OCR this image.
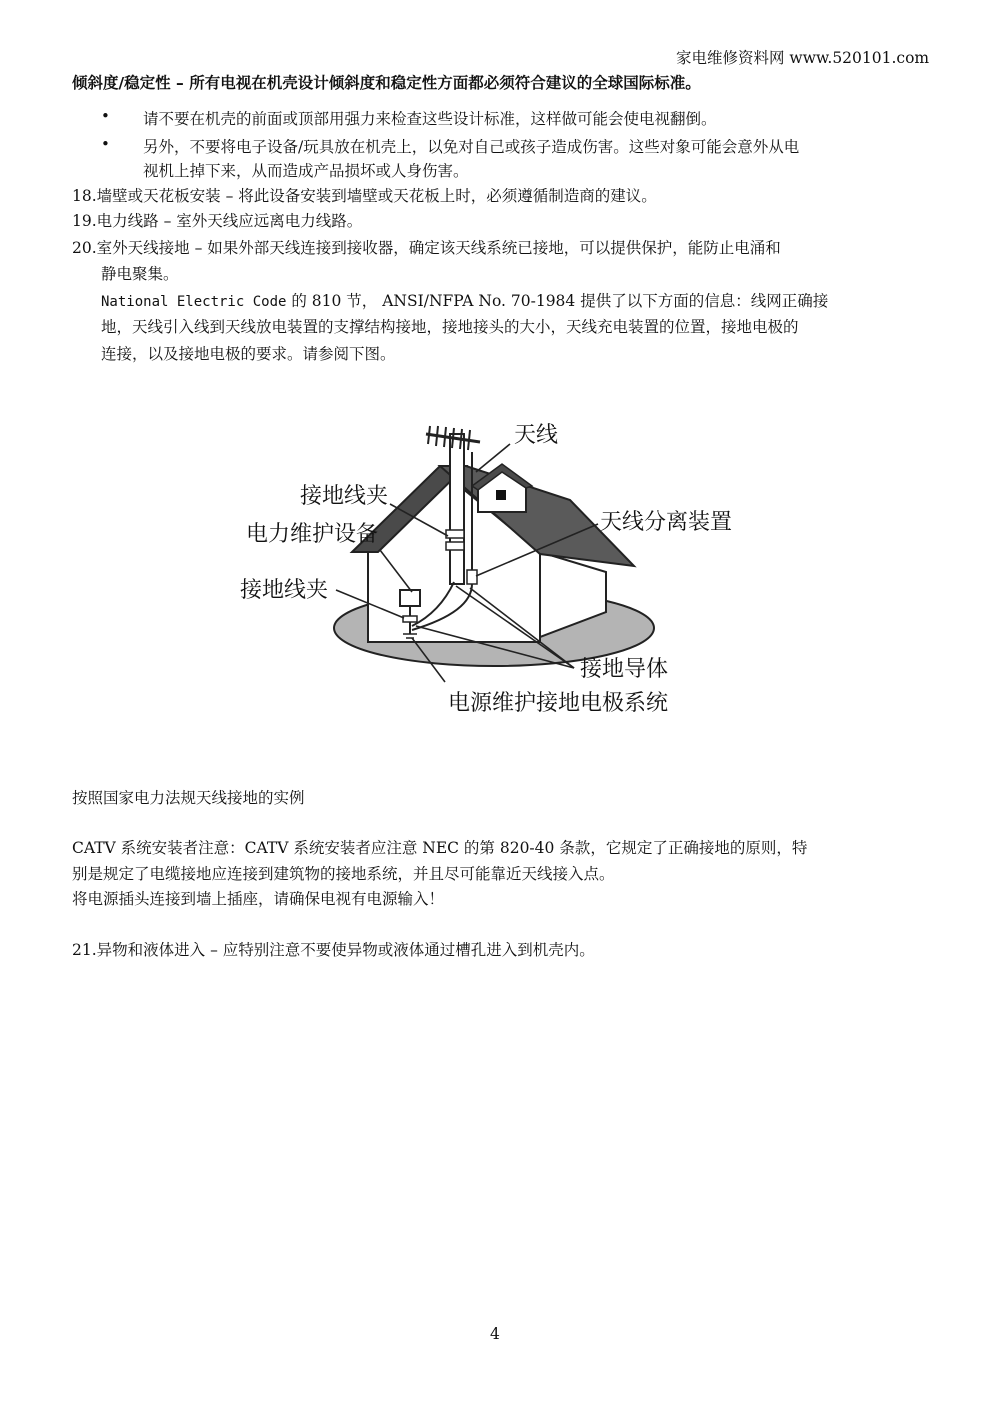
家电维修资料网 www.520101.com
倾斜度/稳定性 – 所有电视在机壳设计倾斜度和稳定性方面都必须符合建议的全球国际标准。
• 请不要在机壳的前面或顶部用强力来检查这些设计标准，这样做可能会使电视翻倒。
• 另外，不要将电子设备/玩具放在机壳上，以免对自己或孩子造成伤害。这些对象可能会意外从电
视机上掉下来，从而造成产品损坏或人身伤害。
18.墙壁或天花板安装 – 将此设备安装到墙壁或天花板上时，必须遵循制造商的建议。
19.电力线路 – 室外天线应远离电力线路。
20.室外天线接地 – 如果外部天线连接到接收器，确定该天线系统已接地，可以提供保护，能防止电涌和
静电聚集。
National Electric Code 的 810 节， ANSI/NFPA No. 70-1984 提供了以下方面的信息：线网正确接
地，天线引入线到天线放电装置的支撑结构接地，接地接头的大小，天线充电装置的位置，接地电极的
连接，以及接地电极的要求。请参阅下图。
天线
接地线夹
电力维护设备	天线分离装置
接地线夹
接地导体
电源维护接地电极系统
按照国家电力法规天线接地的实例
CATV 系统安装者注意：CATV 系统安装者应注意 NEC 的第 820-40 条款，它规定了正确接地的原则，特
别是规定了电缆接地应连接到建筑物的接地系统，并且尽可能靠近天线接入点。
将电源插头连接到墙上插座，请确保电视有电源输入！
21.异物和液体进入 – 应特别注意不要使异物或液体通过槽孔进入到机壳内。
4
